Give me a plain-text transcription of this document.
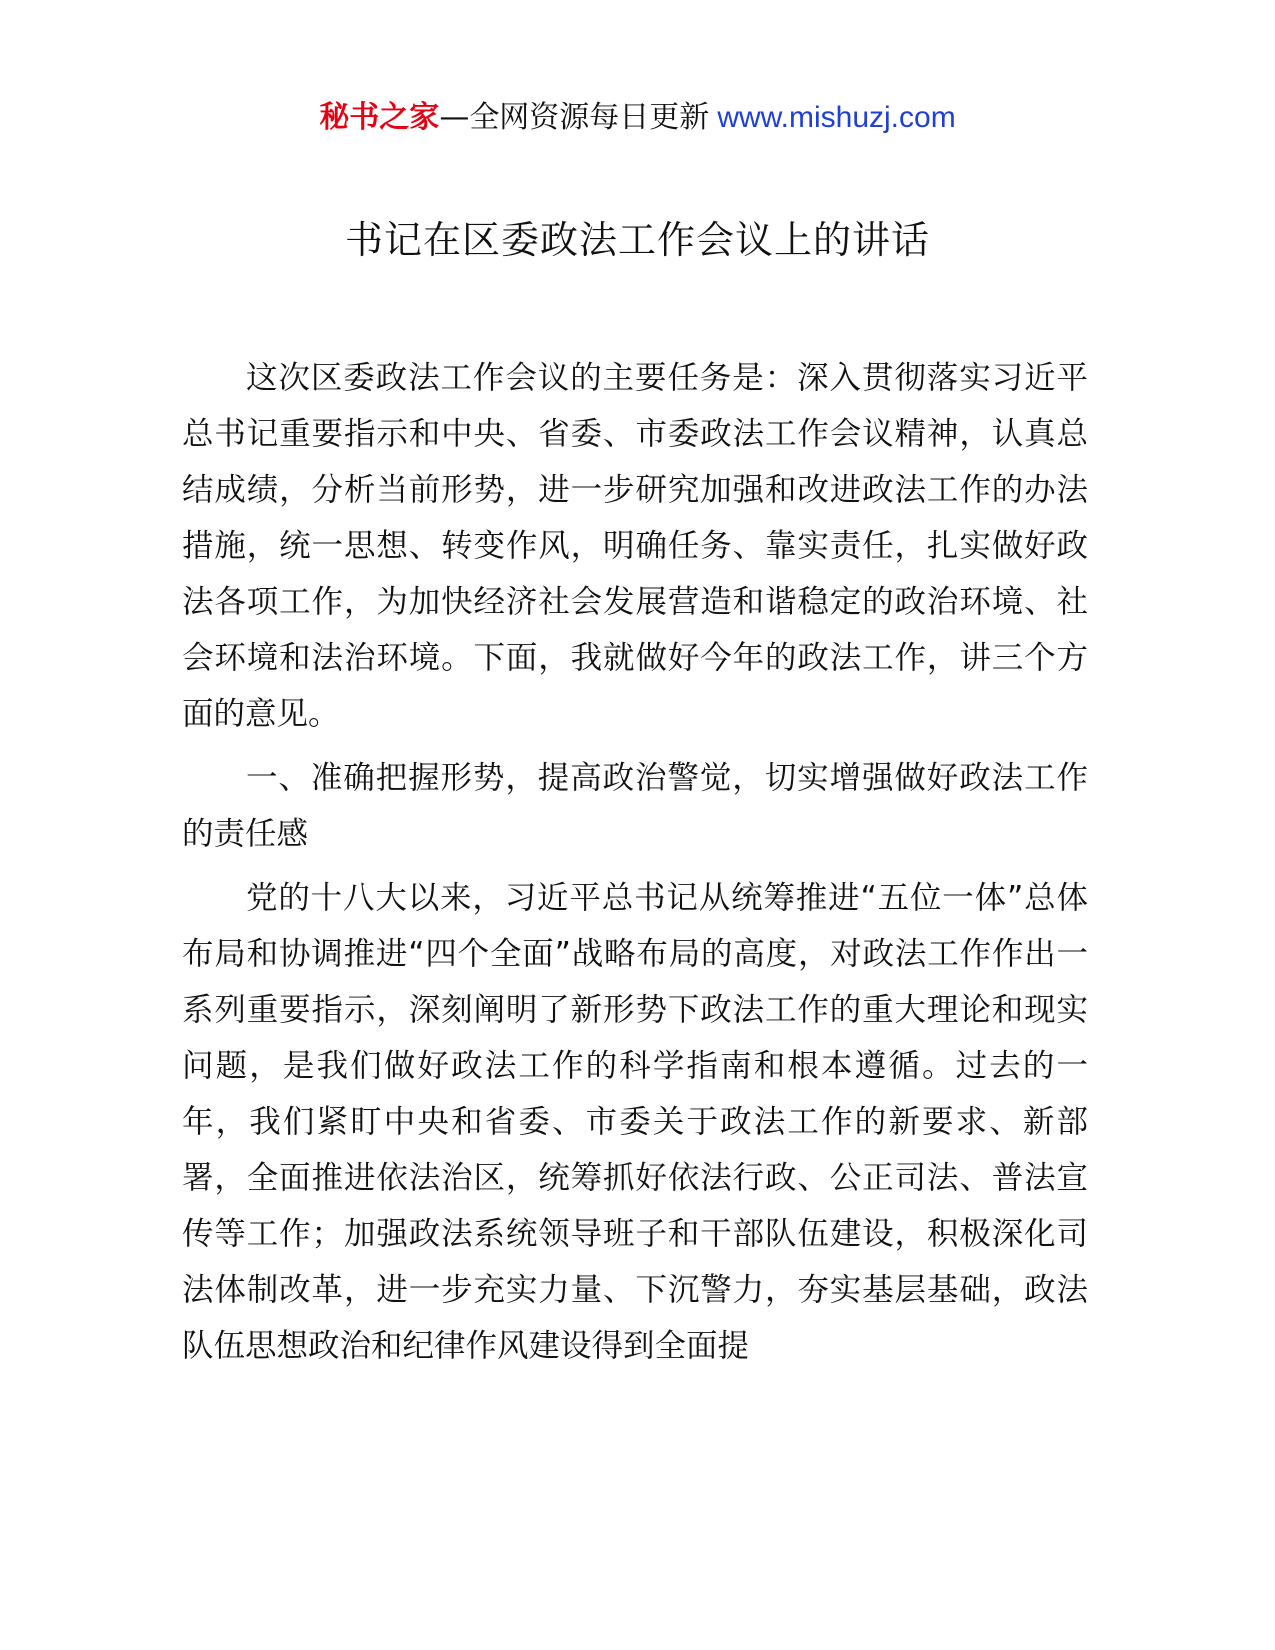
秘书之家—全网资源每日更新 www.mishuzj.com
书记在区委政法工作会议上的讲话

这次区委政法工作会议的主要任务是：深入贯彻落实习近平总书记重要指示和中央、省委、市委政法工作会议精神，认真总结成绩，分析当前形势，进一步研究加强和改进政法工作的办法措施，统一思想、转变作风，明确任务、靠实责任，扎实做好政法各项工作，为加快经济社会发展营造和谐稳定的政治环境、社会环境和法治环境。下面，我就做好今年的政法工作，讲三个方面的意见。

一、准确把握形势，提高政治警觉，切实增强做好政法工作的责任感

党的十八大以来，习近平总书记从统筹推进“五位一体”总体布局和协调推进“四个全面”战略布局的高度，对政法工作作出一系列重要指示，深刻阐明了新形势下政法工作的重大理论和现实问题，是我们做好政法工作的科学指南和根本遵循。过去的一年，我们紧盯中央和省委、市委关于政法工作的新要求、新部署，全面推进依法治区，统筹抓好依法行政、公正司法、普法宣传等工作；加强政法系统领导班子和干部队伍建设，积极深化司法体制改革，进一步充实力量、下沉警力，夯实基层基础，政法队伍思想政治和纪律作风建设得到全面提
